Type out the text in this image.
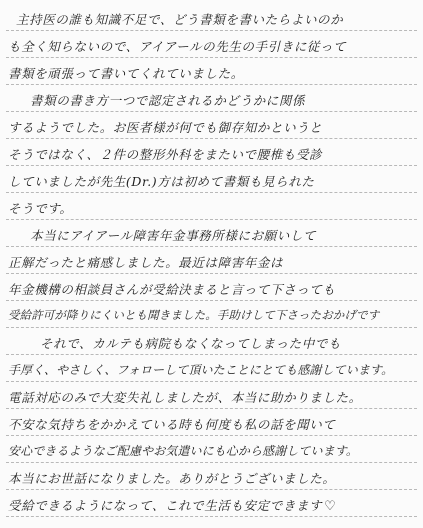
主持医の誰も知識不足で、どう書類を書いたらよいのか
も全く知らないので、アイアールの先生の手引きに従って
書類を頑張って書いてくれていました。
書類の書き方一つで認定されるかどうかに関係
するようでした。お医者様が何でも御存知かというと
そうではなく、２件の整形外科をまたいで腰椎も受診
していましたが先生(Dr.)方は初めて書類も見られた
そうです。
本当にアイアール障害年金事務所様にお願いして
正解だったと痛感しました。最近は障害年金は
年金機構の相談員さんが受給決まると言って下さっても
受給許可が降りにくいとも聞きました。手助けして下さったおかげです
それで、カルテも病院もなくなってしまった中でも
手厚く、やさしく、フォローして頂いたことにとても感謝しています。
電話対応のみで大変失礼しましたが、本当に助かりました。
不安な気持ちをかかえている時も何度も私の話を聞いて
安心できるようなご配慮やお気遣いにも心から感謝しています。
本当にお世話になりました。ありがとうございました。
受給できるようになって、これで生活も安定できます ♡
